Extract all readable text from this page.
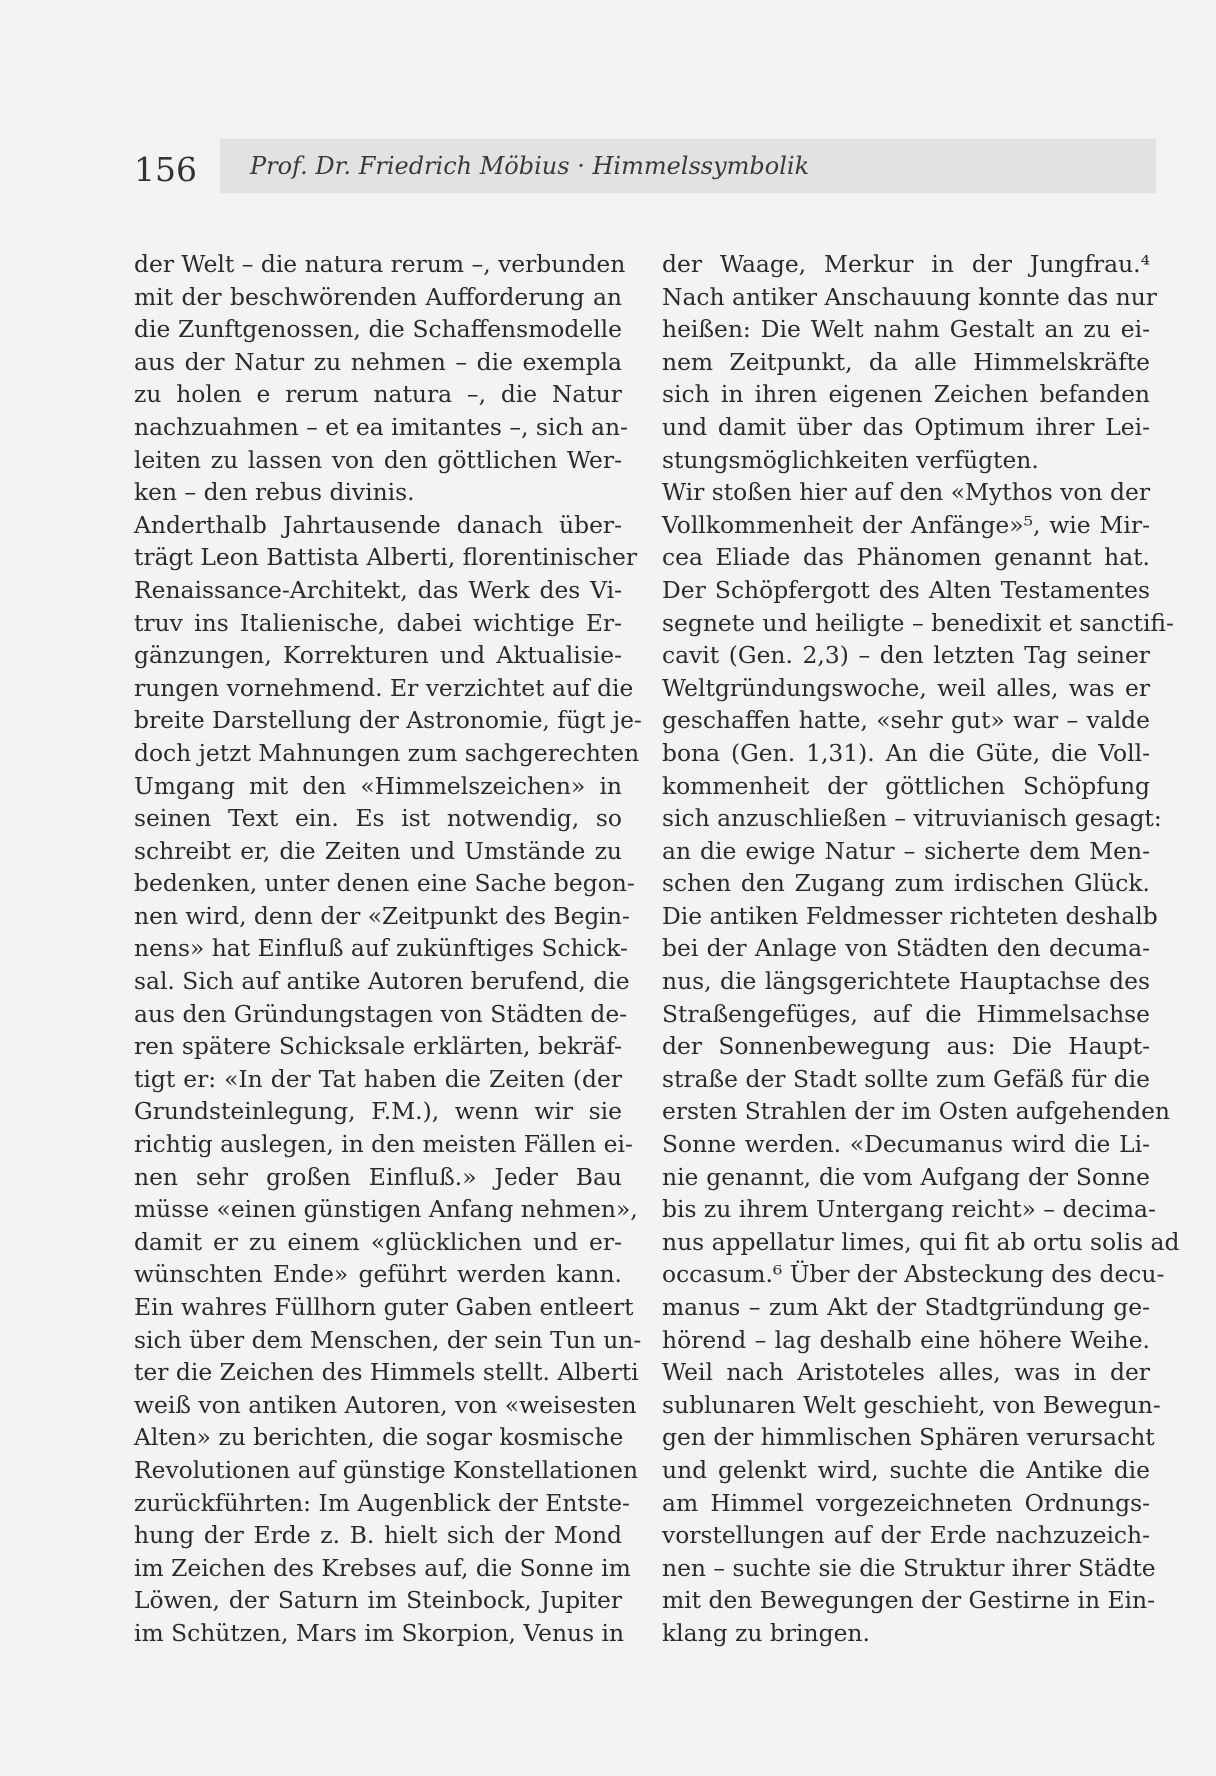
156 Prof. Dr. Friedrich Möbius · Himmelssymbolik
der Welt – die natura rerum –, verbunden
mit der beschwörenden Aufforderung an
die Zunftgenossen, die Schaffensmodelle
aus der Natur zu nehmen – die exempla
zu holen e rerum natura –, die Natur
nachzuahmen – et ea imitantes –, sich an-
leiten zu lassen von den göttlichen Wer-
ken – den rebus divinis.
Anderthalb Jahrtausende danach über-
trägt Leon Battista Alberti, florentinischer
Renaissance-Architekt, das Werk des Vi-
truv ins Italienische, dabei wichtige Er-
gänzungen, Korrekturen und Aktualisie-
rungen vornehmend. Er verzichtet auf die
breite Darstellung der Astronomie, fügt je-
doch jetzt Mahnungen zum sachgerechten
Umgang mit den «Himmelszeichen» in
seinen Text ein. Es ist notwendig, so
schreibt er, die Zeiten und Umstände zu
bedenken, unter denen eine Sache begon-
nen wird, denn der «Zeitpunkt des Begin-
nens» hat Einfluß auf zukünftiges Schick-
sal. Sich auf antike Autoren berufend, die
aus den Gründungstagen von Städten de-
ren spätere Schicksale erklärten, bekräf-
tigt er: «In der Tat haben die Zeiten (der
Grundsteinlegung, F.M.), wenn wir sie
richtig auslegen, in den meisten Fällen ei-
nen sehr großen Einfluß.» Jeder Bau
müsse «einen günstigen Anfang nehmen»,
damit er zu einem «glücklichen und er-
wünschten Ende» geführt werden kann.
Ein wahres Füllhorn guter Gaben entleert
sich über dem Menschen, der sein Tun un-
ter die Zeichen des Himmels stellt. Alberti
weiß von antiken Autoren, von «weisesten
Alten» zu berichten, die sogar kosmische
Revolutionen auf günstige Konstellationen
zurückführten: Im Augenblick der Entste-
hung der Erde z. B. hielt sich der Mond
im Zeichen des Krebses auf, die Sonne im
Löwen, der Saturn im Steinbock, Jupiter
im Schützen, Mars im Skorpion, Venus in
der Waage, Merkur in der Jungfrau.⁴
Nach antiker Anschauung konnte das nur
heißen: Die Welt nahm Gestalt an zu ei-
nem Zeitpunkt, da alle Himmelskräfte
sich in ihren eigenen Zeichen befanden
und damit über das Optimum ihrer Lei-
stungsmöglichkeiten verfügten.
Wir stoßen hier auf den «Mythos von der
Vollkommenheit der Anfänge»⁵, wie Mir-
cea Eliade das Phänomen genannt hat.
Der Schöpfergott des Alten Testamentes
segnete und heiligte – benedixit et sanctifi-
cavit (Gen. 2,3) – den letzten Tag seiner
Weltgründungswoche, weil alles, was er
geschaffen hatte, «sehr gut» war – valde
bona (Gen. 1,31). An die Güte, die Voll-
kommenheit der göttlichen Schöpfung
sich anzuschließen – vitruvianisch gesagt:
an die ewige Natur – sicherte dem Men-
schen den Zugang zum irdischen Glück.
Die antiken Feldmesser richteten deshalb
bei der Anlage von Städten den decuma-
nus, die längsgerichtete Hauptachse des
Straßengefüges, auf die Himmelsachse
der Sonnenbewegung aus: Die Haupt-
straße der Stadt sollte zum Gefäß für die
ersten Strahlen der im Osten aufgehenden
Sonne werden. «Decumanus wird die Li-
nie genannt, die vom Aufgang der Sonne
bis zu ihrem Untergang reicht» – decima-
nus appellatur limes, qui fit ab ortu solis ad
occasum.⁶ Über der Absteckung des decu-
manus – zum Akt der Stadtgründung ge-
hörend – lag deshalb eine höhere Weihe.
Weil nach Aristoteles alles, was in der
sublunaren Welt geschieht, von Bewegun-
gen der himmlischen Sphären verursacht
und gelenkt wird, suchte die Antike die
am Himmel vorgezeichneten Ordnungs-
vorstellungen auf der Erde nachzuzeich-
nen – suchte sie die Struktur ihrer Städte
mit den Bewegungen der Gestirne in Ein-
klang zu bringen.
